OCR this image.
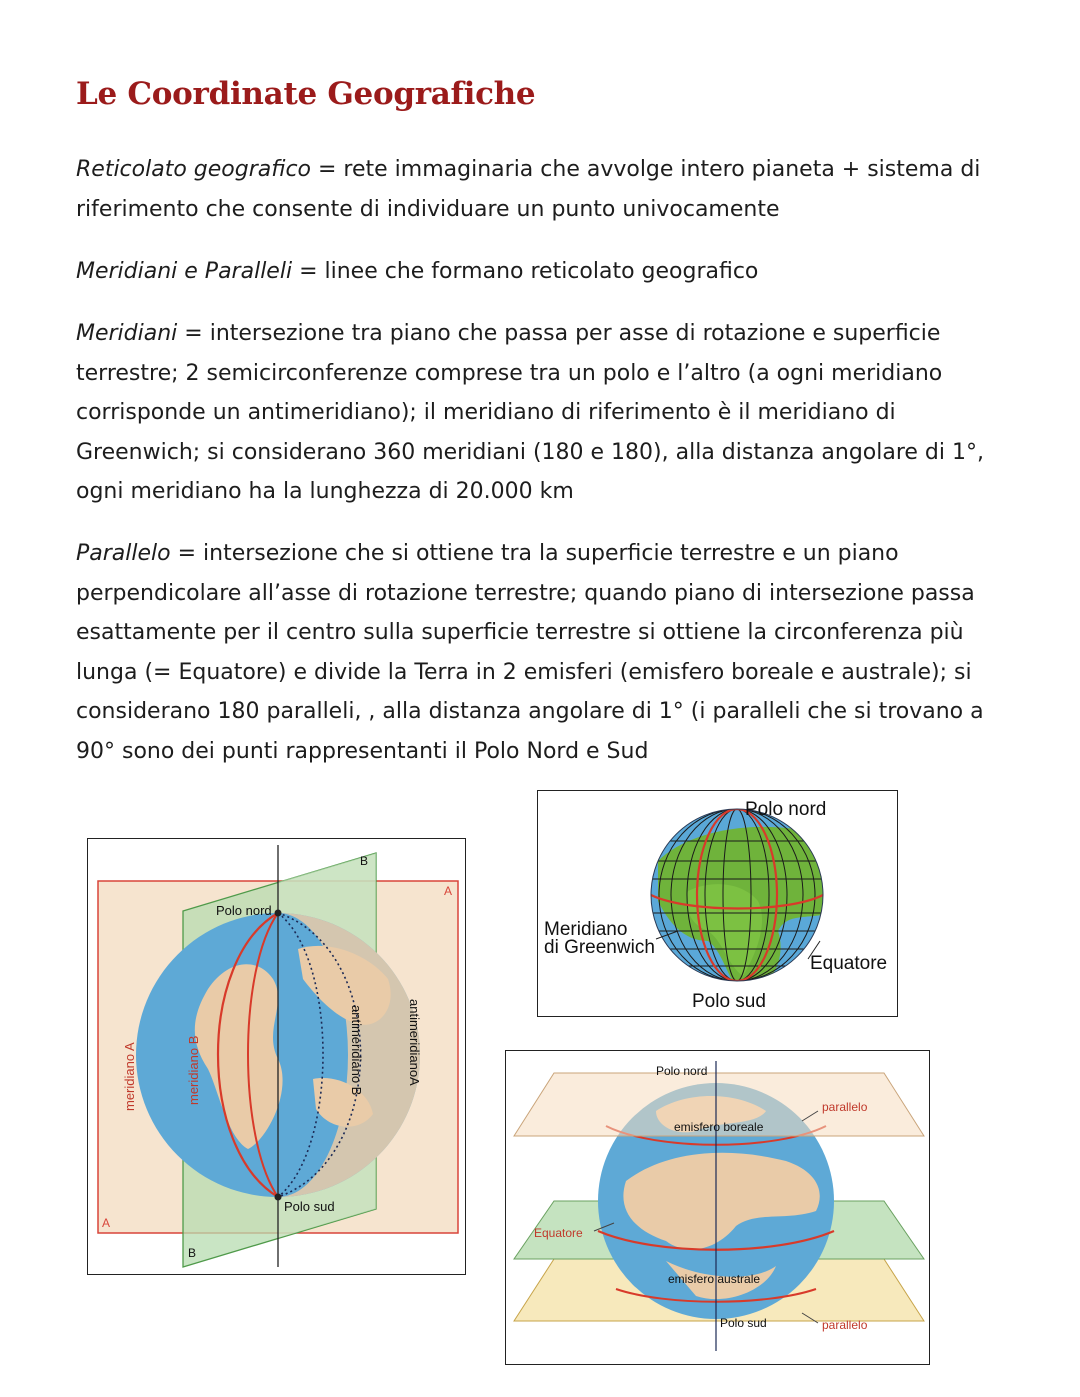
Le Coordinate Geografiche

Reticolato geografico = rete immaginaria che avvolge intero pianeta + sistema di riferimento che consente di individuare un punto univocamente

Meridiani e Paralleli = linee che formano reticolato geografico

Meridiani = intersezione tra piano che passa per asse di rotazione e superficie terrestre; 2 semicirconferenze comprese tra un polo e l’altro (a ogni meridiano corrisponde un antimeridiano); il meridiano di riferimento è il meridiano di Greenwich; si considerano 360 meridiani (180 e 180), alla distanza angolare di 1°, ogni meridiano ha la lunghezza di 20.000 km

Parallelo = intersezione che si ottiene tra la superficie terrestre e un piano perpendicolare all’asse di rotazione terrestre; quando piano di intersezione passa esattamente per il centro sulla superficie terrestre si ottiene la circonferenza più lunga (= Equatore) e divide la Terra in 2 emisferi (emisfero boreale e australe); si considerano 180 paralleli, , alla distanza angolare di 1° (i paralleli che si trovano a 90° sono dei punti rappresentanti il Polo Nord e Sud

Polo nord
Polo sud
B
A
A
B
meridiano A	meridiano B	antimeridianoA
antimeridiano B
Polo nord
Polo sud
Meridiano
di Greenwich
Equatore
Polo nord
Polo sud
emisfero boreale
emisfero australe
Equatore
parallelo
parallelo
